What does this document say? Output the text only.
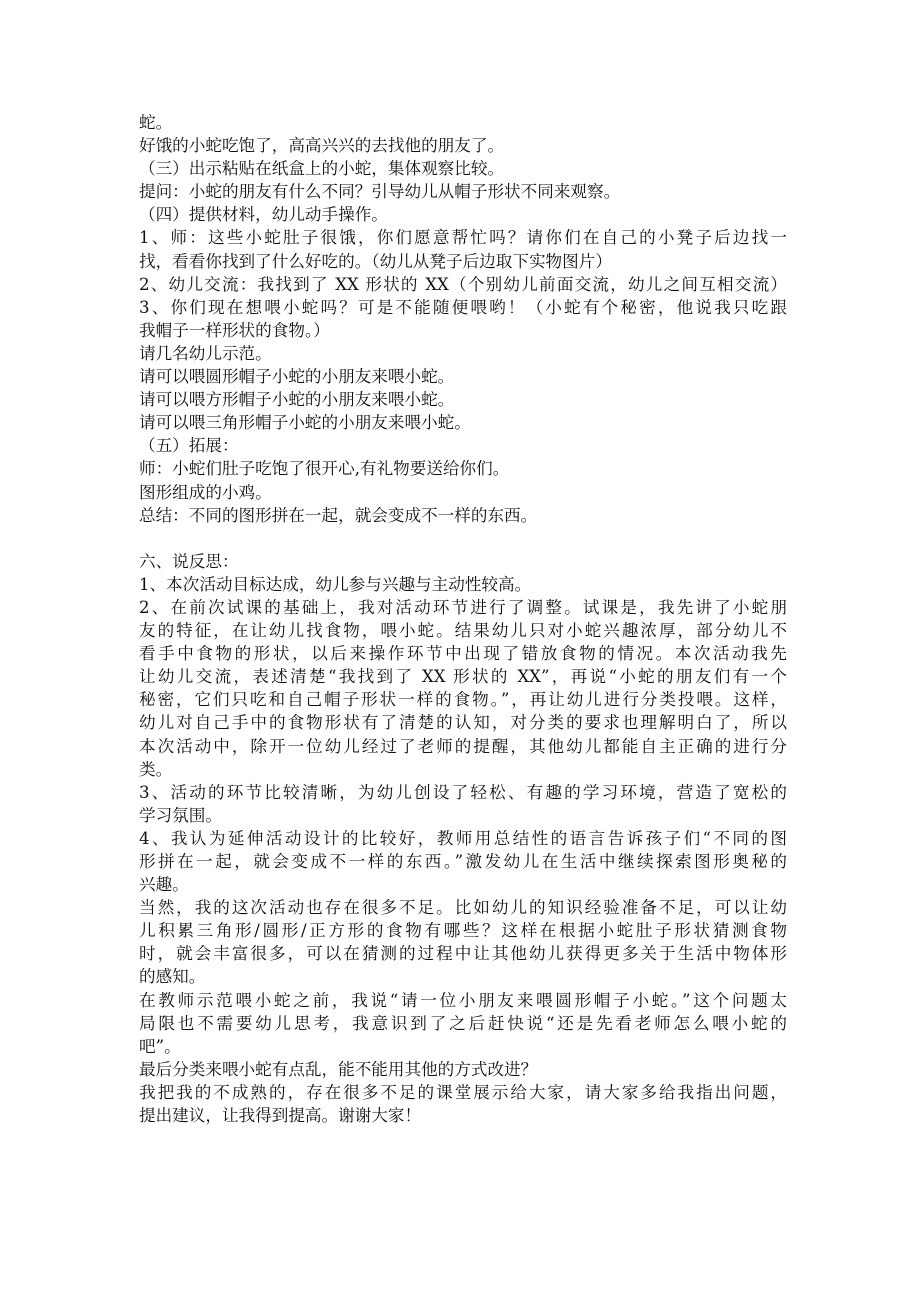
蛇。
好饿的小蛇吃饱了，高高兴兴的去找他的朋友了。
（三）出示粘贴在纸盒上的小蛇，集体观察比较。
提问：小蛇的朋友有什么不同？引导幼儿从帽子形状不同来观察。
（四）提供材料，幼儿动手操作。
1、师：这些小蛇肚子很饿，你们愿意帮忙吗？请你们在自己的小凳子后边找一
找，看看你找到了什么好吃的。（幼儿从凳子后边取下实物图片）
2、幼儿交流：我找到了 XX 形状的 XX（个别幼儿前面交流，幼儿之间互相交流）
3、你们现在想喂小蛇吗？可是不能随便喂哟！（小蛇有个秘密，他说我只吃跟
我帽子一样形状的食物。）
请几名幼儿示范。
请可以喂圆形帽子小蛇的小朋友来喂小蛇。
请可以喂方形帽子小蛇的小朋友来喂小蛇。
请可以喂三角形帽子小蛇的小朋友来喂小蛇。
（五）拓展：
师：小蛇们肚子吃饱了很开心,有礼物要送给你们。
图形组成的小鸡。
总结：不同的图形拼在一起，就会变成不一样的东西。
六、说反思：
1、本次活动目标达成，幼儿参与兴趣与主动性较高。
2、在前次试课的基础上，我对活动环节进行了调整。试课是，我先讲了小蛇朋
友的特征，在让幼儿找食物，喂小蛇。结果幼儿只对小蛇兴趣浓厚，部分幼儿不
看手中食物的形状，以后来操作环节中出现了错放食物的情况。本次活动我先
让幼儿交流，表述清楚“我找到了 XX 形状的 XX”，再说“小蛇的朋友们有一个
秘密，它们只吃和自己帽子形状一样的食物。”，再让幼儿进行分类投喂。这样，
幼儿对自己手中的食物形状有了清楚的认知，对分类的要求也理解明白了，所以
本次活动中，除开一位幼儿经过了老师的提醒，其他幼儿都能自主正确的进行分
类。
3、活动的环节比较清晰，为幼儿创设了轻松、有趣的学习环境，营造了宽松的
学习氛围。
4、我认为延伸活动设计的比较好，教师用总结性的语言告诉孩子们“不同的图
形拼在一起，就会变成不一样的东西。”激发幼儿在生活中继续探索图形奥秘的
兴趣。
当然，我的这次活动也存在很多不足。比如幼儿的知识经验准备不足，可以让幼
儿积累三角形/圆形/正方形的食物有哪些？这样在根据小蛇肚子形状猜测食物
时，就会丰富很多，可以在猜测的过程中让其他幼儿获得更多关于生活中物体形
的感知。
在教师示范喂小蛇之前，我说“请一位小朋友来喂圆形帽子小蛇。”这个问题太
局限也不需要幼儿思考，我意识到了之后赶快说“还是先看老师怎么喂小蛇的
吧”。
最后分类来喂小蛇有点乱，能不能用其他的方式改进？
我把我的不成熟的，存在很多不足的课堂展示给大家，请大家多给我指出问题，
提出建议，让我得到提高。谢谢大家！
